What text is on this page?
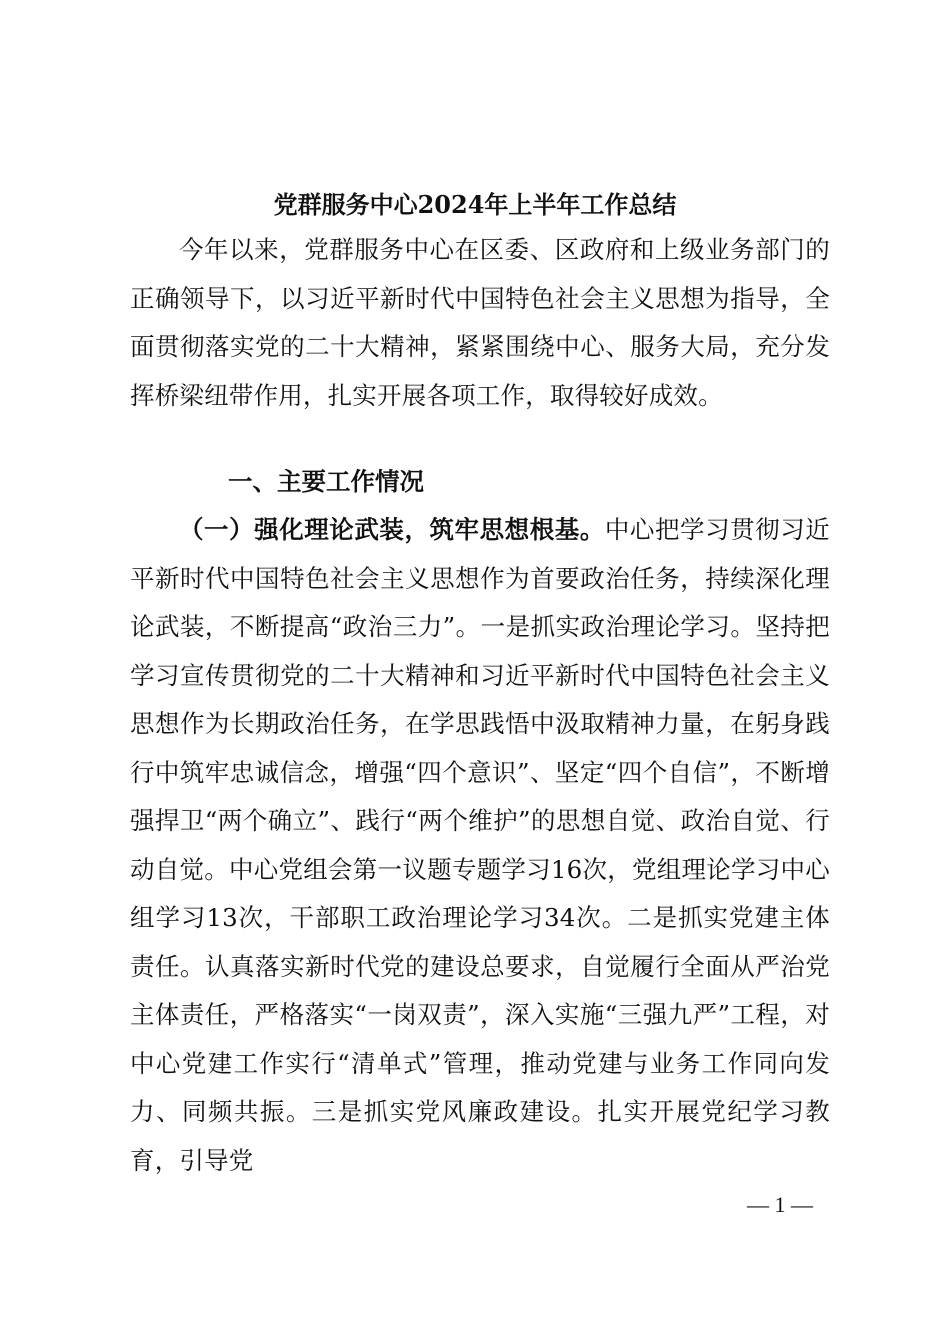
党群服务中心2024年上半年工作总结
今年以来，党群服务中心在区委、区政府和上级业务部门的正确领导下，以习近平新时代中国特色社会主义思想为指导，全面贯彻落实党的二十大精神，紧紧围绕中心、服务大局，充分发挥桥梁纽带作用，扎实开展各项工作，取得较好成效。
一、主要工作情况
（一）强化理论武装，筑牢思想根基。中心把学习贯彻习近平新时代中国特色社会主义思想作为首要政治任务，持续深化理论武装，不断提高“政治三力”。一是抓实政治理论学习。坚持把学习宣传贯彻党的二十大精神和习近平新时代中国特色社会主义思想作为长期政治任务，在学思践悟中汲取精神力量，在躬身践行中筑牢忠诚信念，增强“四个意识”、坚定“四个自信”，不断增强捍卫“两个确立”、践行“两个维护”的思想自觉、政治自觉、行动自觉。中心党组会第一议题专题学习16次，党组理论学习中心组学习13次，干部职工政治理论学习34次。二是抓实党建主体责任。认真落实新时代党的建设总要求，自觉履行全面从严治党主体责任，严格落实“一岗双责”，深入实施“三强九严”工程，对中心党建工作实行“清单式”管理，推动党建与业务工作同向发力、同频共振。三是抓实党风廉政建设。扎实开展党纪学习教育，引导党
— 1 —
